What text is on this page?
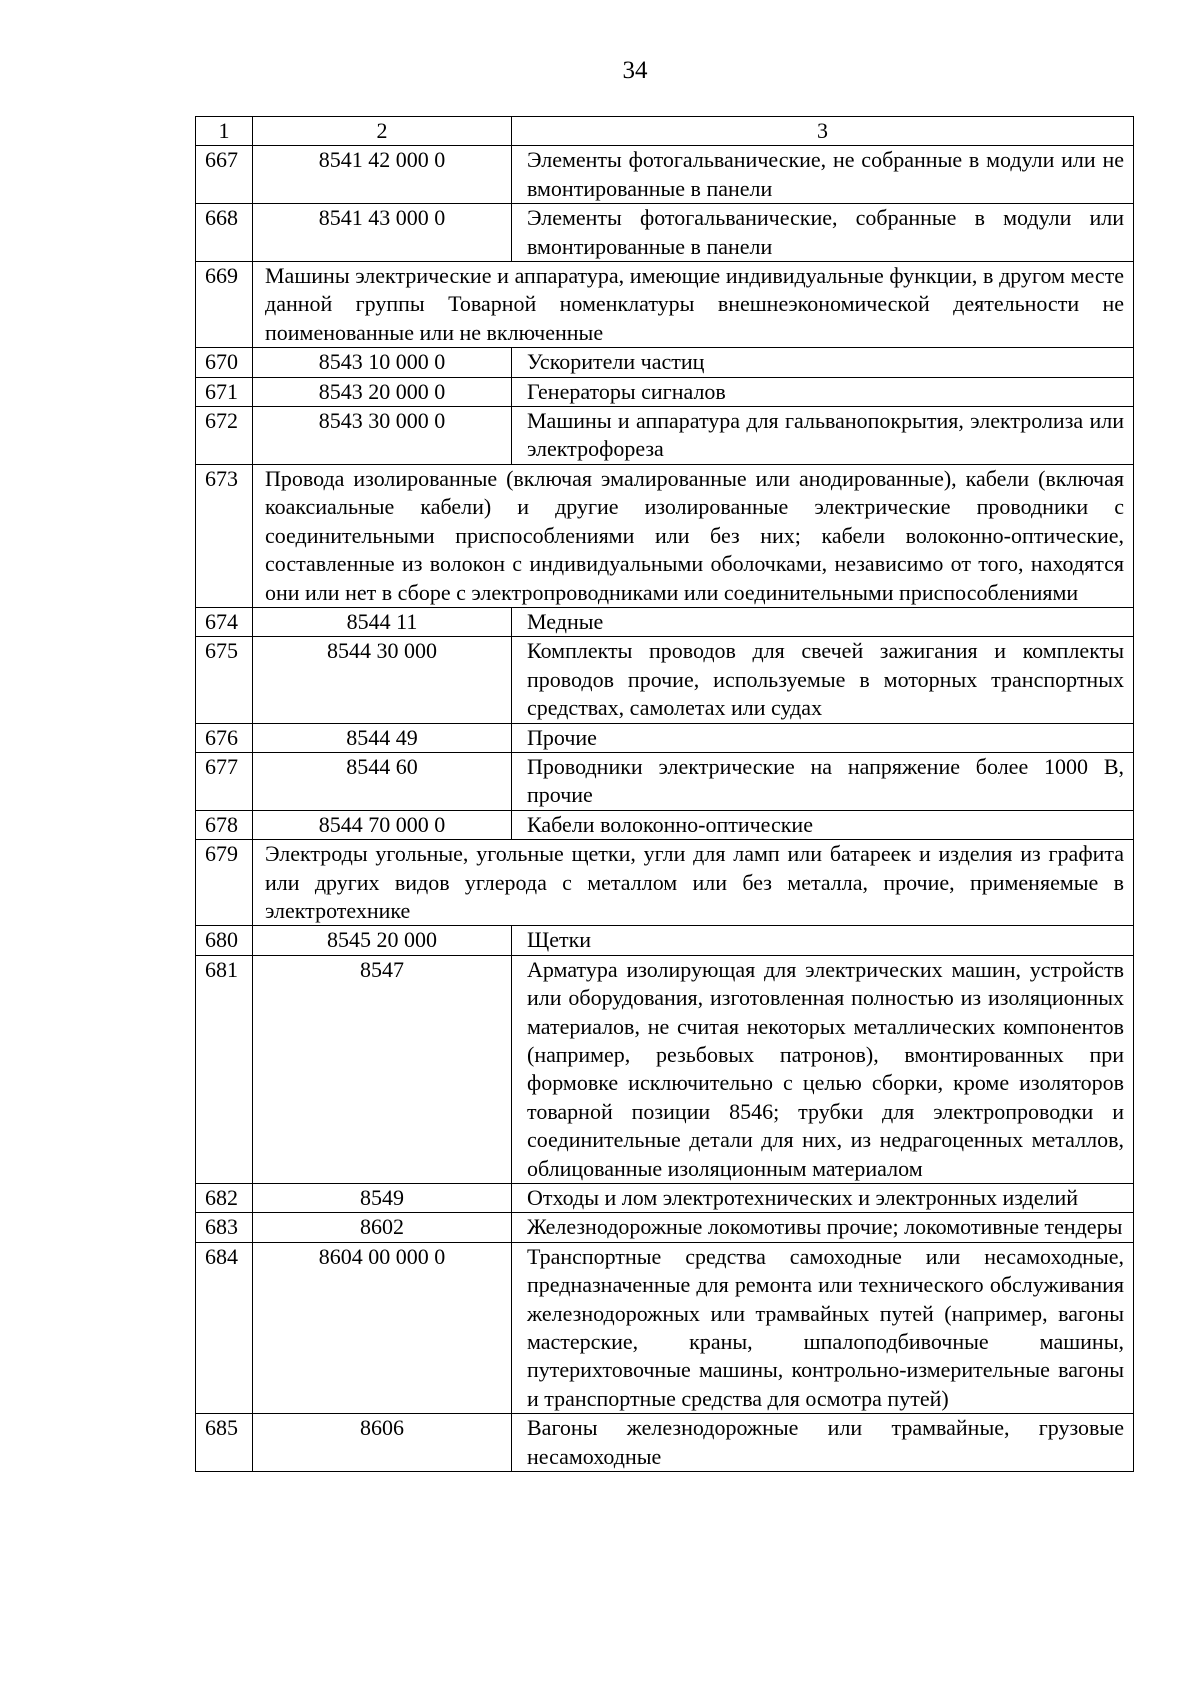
34
1	2	3
667	8541 42 000 0	Элементы фотогальванические, не собранные в модули или не вмонтированные в панели
668	8541 43 000 0	Элементы фотогальванические, собранные в модули или вмонтированные в панели
669	Машины электрические и аппаратура, имеющие индивидуальные функции, в другом месте данной группы Товарной номенклатуры внешнеэкономической деятельности не поименованные или не включенные	
670	8543 10 000 0	Ускорители частиц
671	8543 20 000 0	Генераторы сигналов
672	8543 30 000 0	Машины и аппаратура для гальванопокрытия, электролиза или электрофореза
673	Провода изолированные (включая эмалированные или анодированные), кабели (включая коаксиальные кабели) и другие изолированные электрические проводники с соединительными приспособлениями или без них; кабели волоконно-оптические, составленные из волокон с индивидуальными оболочками, независимо от того, находятся они или нет в сборе с электропроводниками или соединительными приспособлениями	
674	8544 11	Медные
675	8544 30 000	Комплекты проводов для свечей зажигания и комплекты проводов прочие, используемые в моторных транспортных средствах, самолетах или судах
676	8544 49	Прочие
677	8544 60	Проводники электрические на напряжение более 1000 В, прочие
678	8544 70 000 0	Кабели волоконно-оптические
679	Электроды угольные, угольные щетки, угли для ламп или батареек и изделия из графита или других видов углерода с металлом или без металла, прочие, применяемые в электротехнике	
680	8545 20 000	Щетки
681	8547	Арматура изолирующая для электрических машин, устройств или оборудования, изготовленная полностью из изоляционных материалов, не считая некоторых металлических компонентов (например, резьбовых патронов), вмонтированных при формовке исключительно с целью сборки, кроме изоляторов товарной позиции 8546; трубки для электропроводки и соединительные детали для них, из недрагоценных металлов, облицованные изоляционным материалом
682	8549	Отходы и лом электротехнических и электронных изделий
683	8602	Железнодорожные локомотивы прочие; локомотивные тендеры
684	8604 00 000 0	Транспортные средства самоходные или несамоходные, предназначенные для ремонта или технического обслуживания железнодорожных или трамвайных путей (например, вагоны мастерские, краны, шпалоподбивочные машины, путерихтовочные машины, контрольно-измерительные вагоны и транспортные средства для осмотра путей)
685	8606	Вагоны железнодорожные или трамвайные, грузовые несамоходные
